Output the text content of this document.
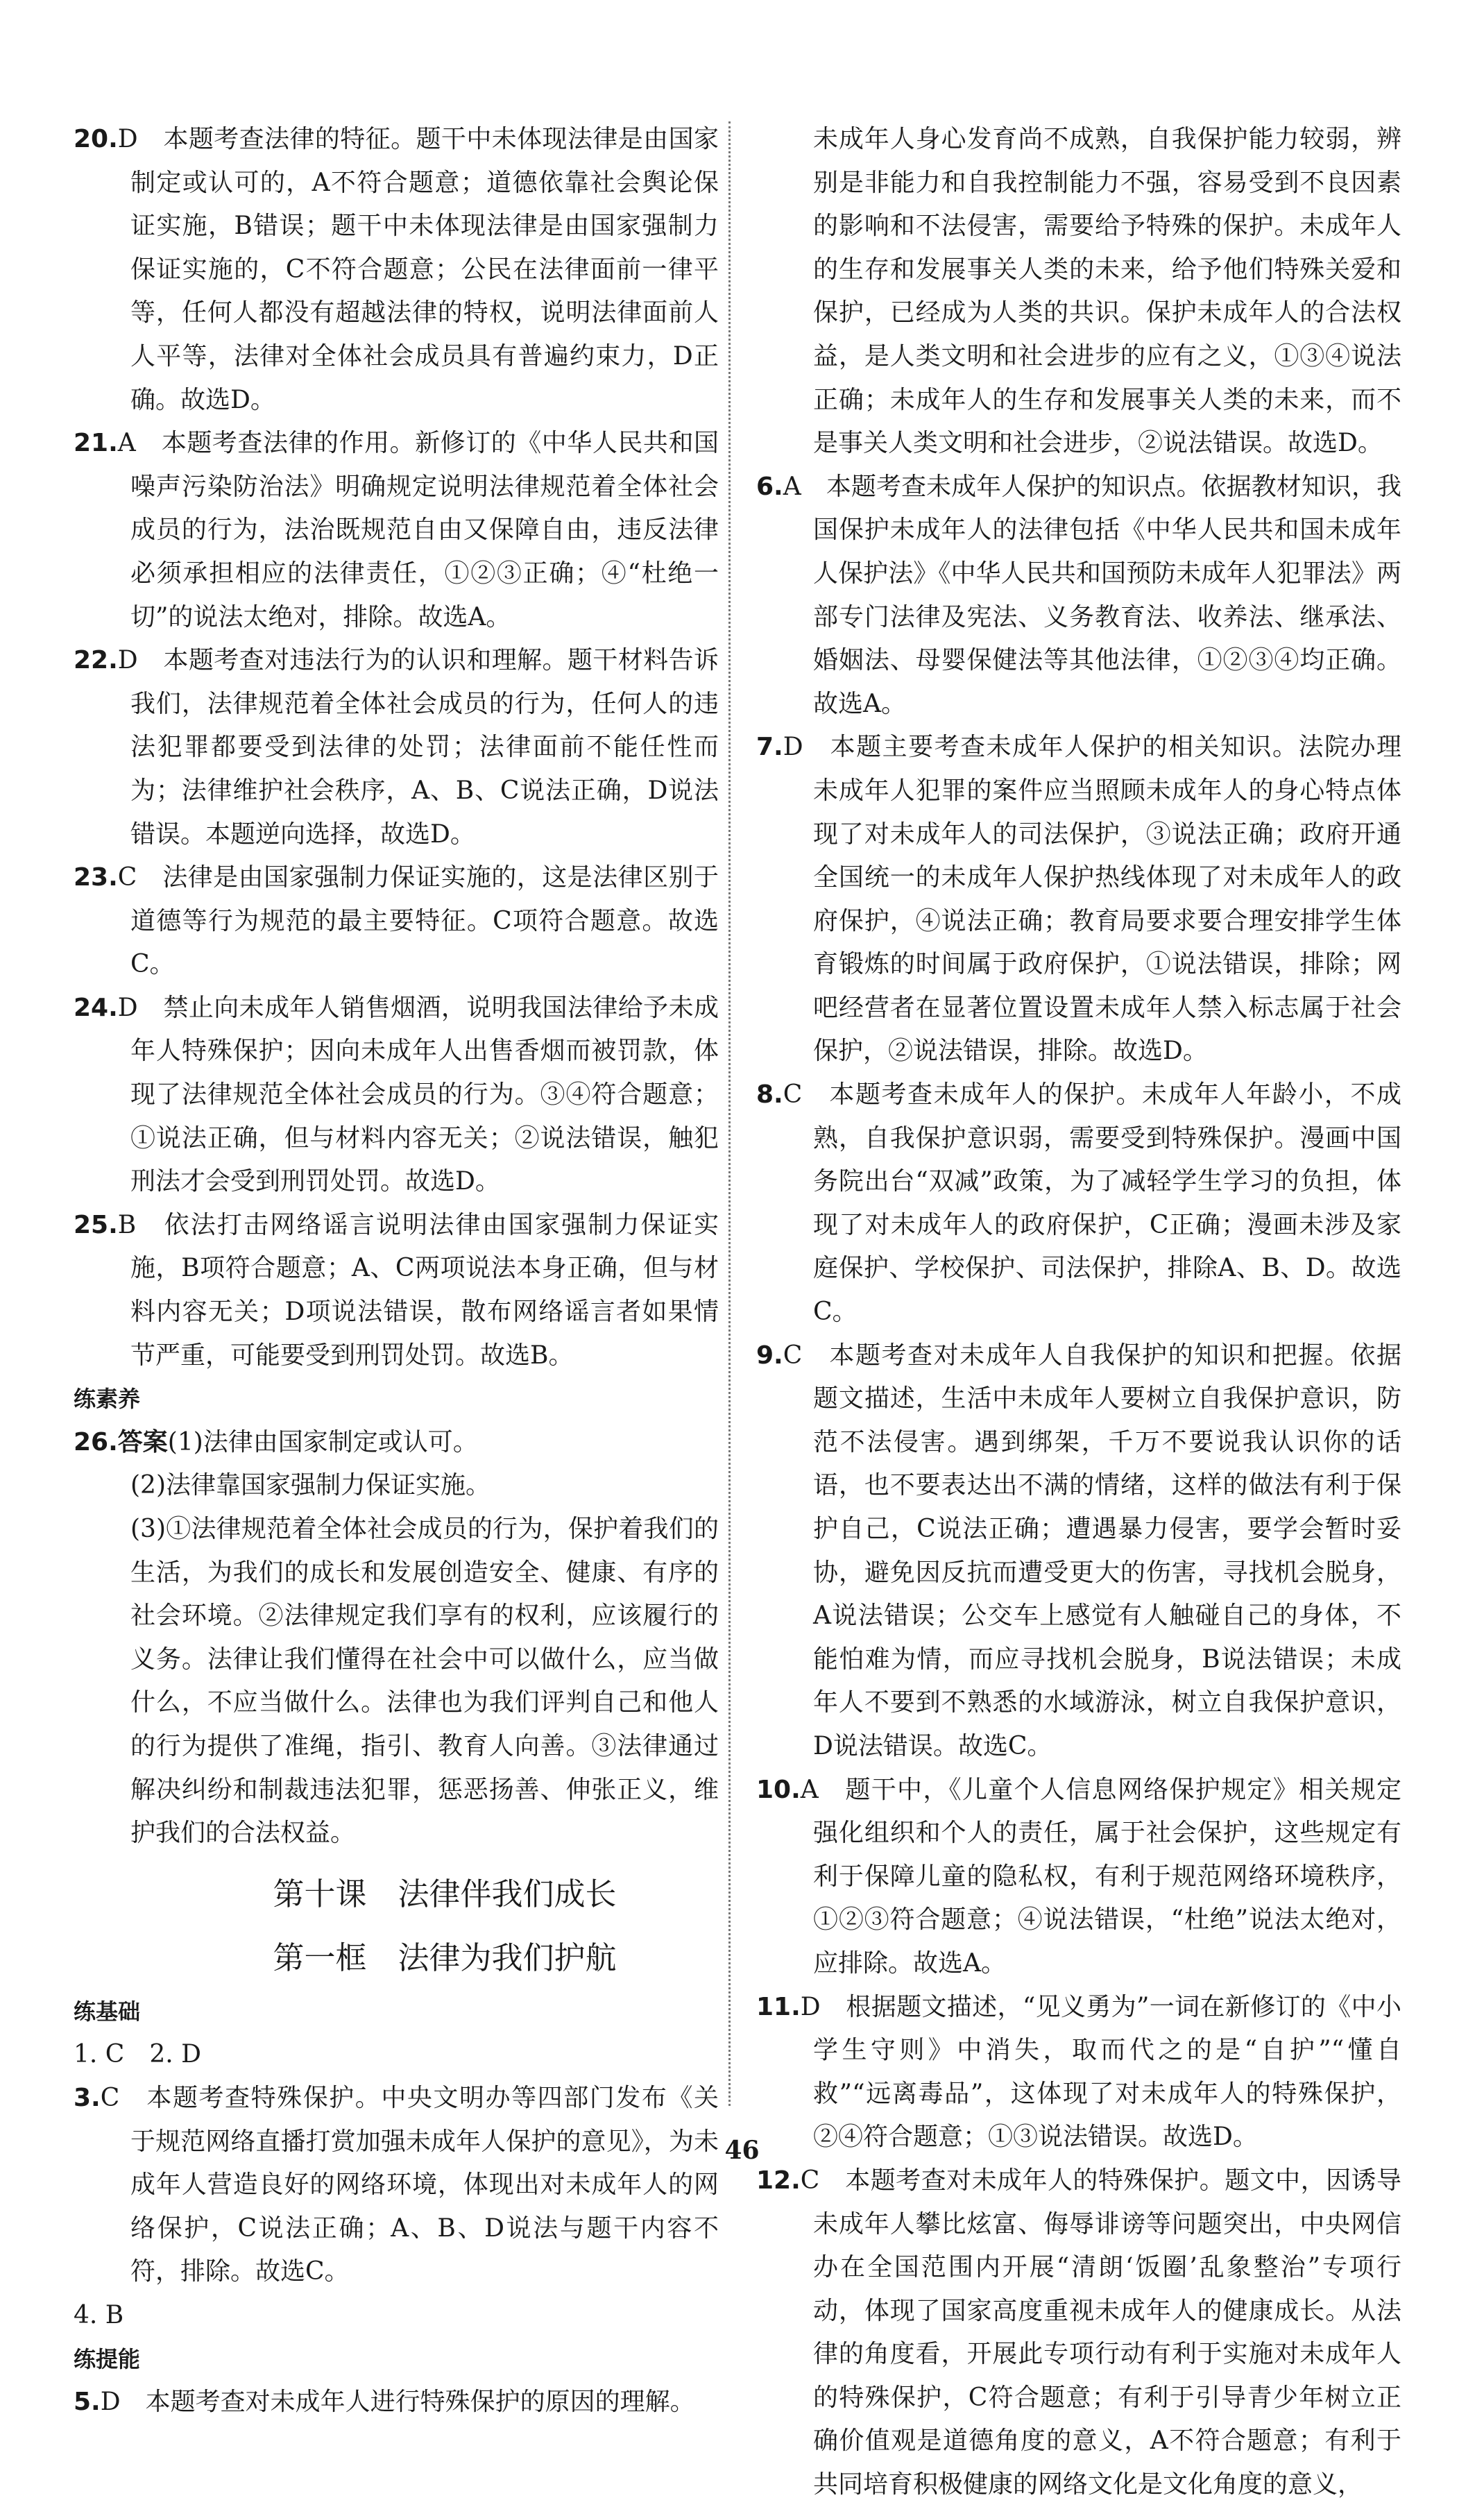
20.D　本题考查法律的特征。题干中未体现法律是由国家制定或认可的，A不符合题意；道德依靠社会舆论保证实施，B错误；题干中未体现法律是由国家强制力保证实施的，C不符合题意；公民在法律面前一律平等，任何人都没有超越法律的特权，说明法律面前人人平等，法律对全体社会成员具有普遍约束力，D正确。故选D。

21.A　本题考查法律的作用。新修订的《中华人民共和国噪声污染防治法》明确规定说明法律规范着全体社会成员的行为，法治既规范自由又保障自由，违反法律必须承担相应的法律责任，①②③正确；④“杜绝一切”的说法太绝对，排除。故选A。

22.D　本题考查对违法行为的认识和理解。题干材料告诉我们，法律规范着全体社会成员的行为，任何人的违法犯罪都要受到法律的处罚；法律面前不能任性而为；法律维护社会秩序，A、B、C说法正确，D说法错误。本题逆向选择，故选D。

23.C　法律是由国家强制力保证实施的，这是法律区别于道德等行为规范的最主要特征。C项符合题意。故选C。

24.D　禁止向未成年人销售烟酒，说明我国法律给予未成年人特殊保护；因向未成年人出售香烟而被罚款，体现了法律规范全体社会成员的行为。③④符合题意；①说法正确，但与材料内容无关；②说法错误，触犯刑法才会受到刑罚处罚。故选D。

25.B　依法打击网络谣言说明法律由国家强制力保证实施，B项符合题意；A、C两项说法本身正确，但与材料内容无关；D项说法错误，散布网络谣言者如果情节严重，可能要受到刑罚处罚。故选B。

练素养

26.答案(1)法律由国家制定或认可。

(2)法律靠国家强制力保证实施。

(3)①法律规范着全体社会成员的行为，保护着我们的生活，为我们的成长和发展创造安全、健康、有序的社会环境。②法律规定我们享有的权利，应该履行的义务。法律让我们懂得在社会中可以做什么，应当做什么，不应当做什么。法律也为我们评判自己和他人的行为提供了准绳，指引、教育人向善。③法律通过解决纠纷和制裁违法犯罪，惩恶扬善、伸张正义，维护我们的合法权益。

第十课　法律伴我们成长

第一框　法律为我们护航

练基础

1. C　2. D

3.C　本题考查特殊保护。中央文明办等四部门发布《关于规范网络直播打赏加强未成年人保护的意见》，为未成年人营造良好的网络环境，体现出对未成年人的网络保护，C说法正确；A、B、D说法与题干内容不符，排除。故选C。

4. B

练提能

5.D　本题考查对未成年人进行特殊保护的原因的理解。

未成年人身心发育尚不成熟，自我保护能力较弱，辨别是非能力和自我控制能力不强，容易受到不良因素的影响和不法侵害，需要给予特殊的保护。未成年人的生存和发展事关人类的未来，给予他们特殊关爱和保护，已经成为人类的共识。保护未成年人的合法权益，是人类文明和社会进步的应有之义，①③④说法正确；未成年人的生存和发展事关人类的未来，而不是事关人类文明和社会进步，②说法错误。故选D。

6.A　本题考查未成年人保护的知识点。依据教材知识，我国保护未成年人的法律包括《中华人民共和国未成年人保护法》《中华人民共和国预防未成年人犯罪法》两部专门法律及宪法、义务教育法、收养法、继承法、婚姻法、母婴保健法等其他法律，①②③④均正确。故选A。

7.D　本题主要考查未成年人保护的相关知识。法院办理未成年人犯罪的案件应当照顾未成年人的身心特点体现了对未成年人的司法保护，③说法正确；政府开通全国统一的未成年人保护热线体现了对未成年人的政府保护，④说法正确；教育局要求要合理安排学生体育锻炼的时间属于政府保护，①说法错误，排除；网吧经营者在显著位置设置未成年人禁入标志属于社会保护，②说法错误，排除。故选D。

8.C　本题考查未成年人的保护。未成年人年龄小，不成熟，自我保护意识弱，需要受到特殊保护。漫画中国务院出台“双减”政策，为了减轻学生学习的负担，体现了对未成年人的政府保护，C正确；漫画未涉及家庭保护、学校保护、司法保护，排除A、B、D。故选C。

9.C　本题考查对未成年人自我保护的知识和把握。依据题文描述，生活中未成年人要树立自我保护意识，防范不法侵害。遇到绑架，千万不要说我认识你的话语，也不要表达出不满的情绪，这样的做法有利于保护自己，C说法正确；遭遇暴力侵害，要学会暂时妥协，避免因反抗而遭受更大的伤害，寻找机会脱身，A说法错误；公交车上感觉有人触碰自己的身体，不能怕难为情，而应寻找机会脱身，B说法错误；未成年人不要到不熟悉的水域游泳，树立自我保护意识，D说法错误。故选C。

10.A　题干中，《儿童个人信息网络保护规定》相关规定强化组织和个人的责任，属于社会保护，这些规定有利于保障儿童的隐私权，有利于规范网络环境秩序，①②③符合题意；④说法错误，“杜绝”说法太绝对，应排除。故选A。

11.D　根据题文描述，“见义勇为”一词在新修订的《中小学生守则》中消失，取而代之的是“自护”“懂自救”“远离毒品”，这体现了对未成年人的特殊保护，②④符合题意；①③说法错误。故选D。

12.C　本题考查对未成年人的特殊保护。题文中，因诱导未成年人攀比炫富、侮辱诽谤等问题突出，中央网信办在全国范围内开展“清朗‘饭圈’乱象整治”专项行动，体现了国家高度重视未成年人的健康成长。从法律的角度看，开展此专项行动有利于实施对未成年人的特殊保护，C符合题意；有利于引导青少年树立正确价值观是道德角度的意义，A不符合题意；有利于共同培育积极健康的网络文化是文化角度的意义，

46
